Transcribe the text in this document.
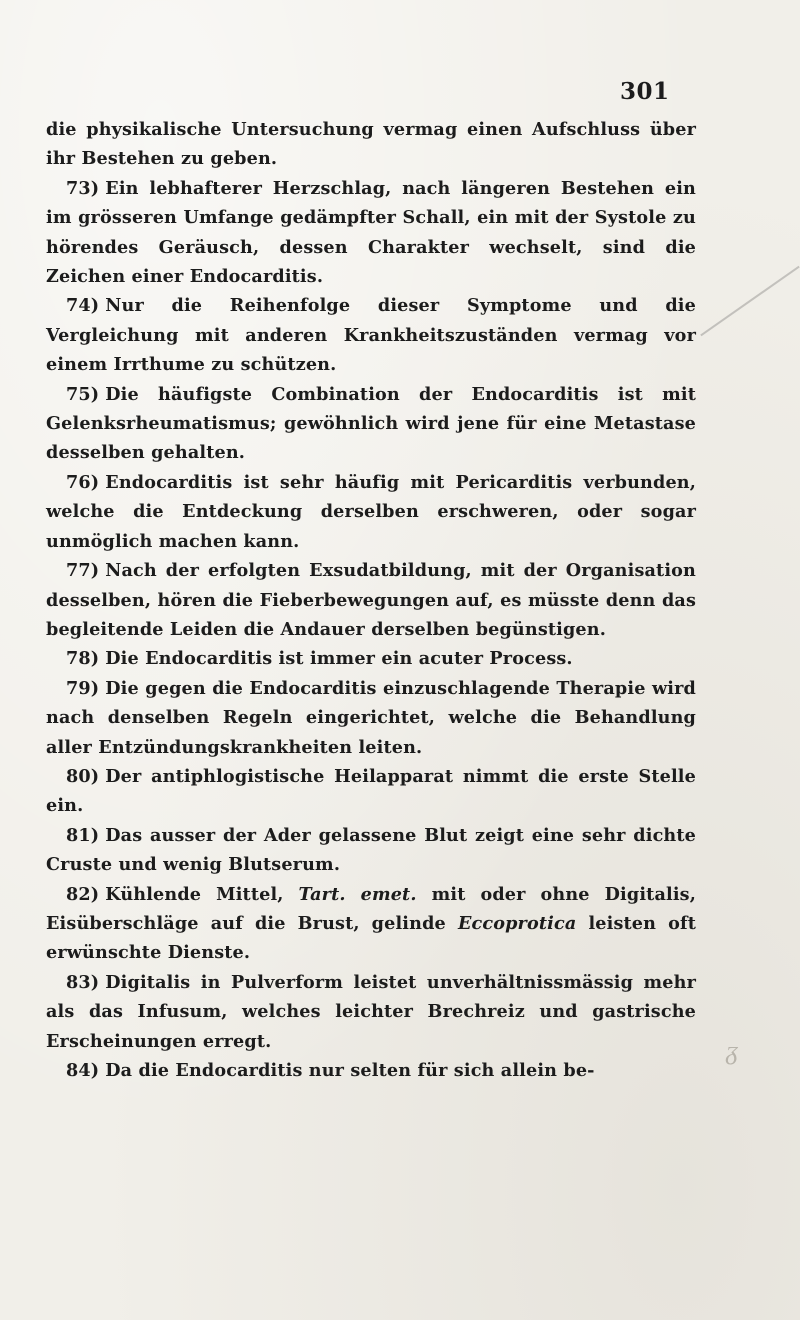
301

die physikalische Untersuchung vermag einen Aufschluss über ihr Bestehen zu geben.

73) Ein lebhafterer Herzschlag, nach längeren Bestehen ein im grösseren Umfange gedämpfter Schall, ein mit der Systole zu hörendes Geräusch, dessen Charakter wechselt, sind die Zeichen einer Endocarditis.

74) Nur die Reihenfolge dieser Symptome und die Vergleichung mit anderen Krankheitszuständen vermag vor einem Irrthume zu schützen.

75) Die häufigste Combination der Endocarditis ist mit Gelenksrheumatismus; gewöhnlich wird jene für eine Metastase desselben gehalten.

76) Endocarditis ist sehr häufig mit Pericarditis verbunden, welche die Entdeckung derselben erschweren, oder sogar unmöglich machen kann.

77) Nach der erfolgten Exsudatbildung, mit der Organisation desselben, hören die Fieberbewegungen auf, es müsste denn das begleitende Leiden die Andauer derselben begünstigen.

78) Die Endocarditis ist immer ein acuter Process.

79) Die gegen die Endocarditis einzuschlagende Therapie wird nach denselben Regeln eingerichtet, welche die Behandlung aller Entzündungskrankheiten leiten.

80) Der antiphlogistische Heilapparat nimmt die erste Stelle ein.

81) Das ausser der Ader gelassene Blut zeigt eine sehr dichte Cruste und wenig Blutserum.

82) Kühlende Mittel, Tart. emet. mit oder ohne Digitalis, Eisüberschläge auf die Brust, gelinde Eccoprotica leisten oft erwünschte Dienste.

83) Digitalis in Pulverform leistet unverhältnissmässig mehr als das Infusum, welches leichter Brechreiz und gastrische Erscheinungen erregt.

84) Da die Endocarditis nur selten für sich allein be-

ᵹ
